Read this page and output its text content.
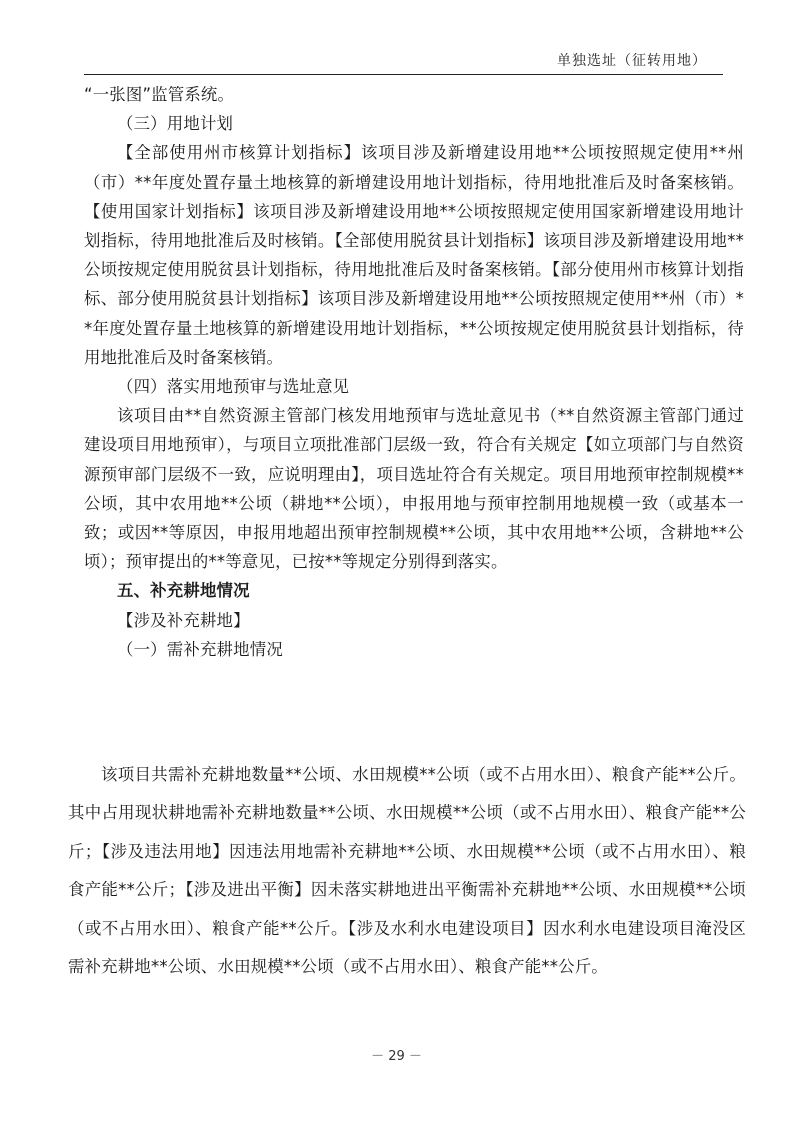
单独选址（征转用地）

“一张图”监管系统。

（三）用地计划

【全部使用州市核算计划指标】该项目涉及新增建设用地**公顷按照规定使用**州（市）**年度处置存量土地核算的新增建设用地计划指标，待用地批准后及时备案核销。【使用国家计划指标】该项目涉及新增建设用地**公顷按照规定使用国家新增建设用地计划指标，待用地批准后及时核销。【全部使用脱贫县计划指标】该项目涉及新增建设用地**公顷按规定使用脱贫县计划指标，待用地批准后及时备案核销。【部分使用州市核算计划指标、部分使用脱贫县计划指标】该项目涉及新增建设用地**公顷按照规定使用**州（市）**年度处置存量土地核算的新增建设用地计划指标，**公顷按规定使用脱贫县计划指标，待用地批准后及时备案核销。

（四）落实用地预审与选址意见

该项目由**自然资源主管部门核发用地预审与选址意见书（**自然资源主管部门通过建设项目用地预审），与项目立项批准部门层级一致，符合有关规定【如立项部门与自然资源预审部门层级不一致，应说明理由】，项目选址符合有关规定。项目用地预审控制规模**公顷，其中农用地**公顷（耕地**公顷），申报用地与预审控制用地规模一致（或基本一致；或因**等原因，申报用地超出预审控制规模**公顷，其中农用地**公顷，含耕地**公顷）；预审提出的**等意见，已按**等规定分别得到落实。

五、补充耕地情况

【涉及补充耕地】

（一）需补充耕地情况

该项目共需补充耕地数量**公顷、水田规模**公顷（或不占用水田）、粮食产能**公斤。其中占用现状耕地需补充耕地数量**公顷、水田规模**公顷（或不占用水田）、粮食产能**公斤；【涉及违法用地】因违法用地需补充耕地**公顷、水田规模**公顷（或不占用水田）、粮食产能**公斤；【涉及进出平衡】因未落实耕地进出平衡需补充耕地**公顷、水田规模**公顷（或不占用水田）、粮食产能**公斤。【涉及水利水电建设项目】因水利水电建设项目淹没区需补充耕地**公顷、水田规模**公顷（或不占用水田）、粮食产能**公斤。

－ 29 －
